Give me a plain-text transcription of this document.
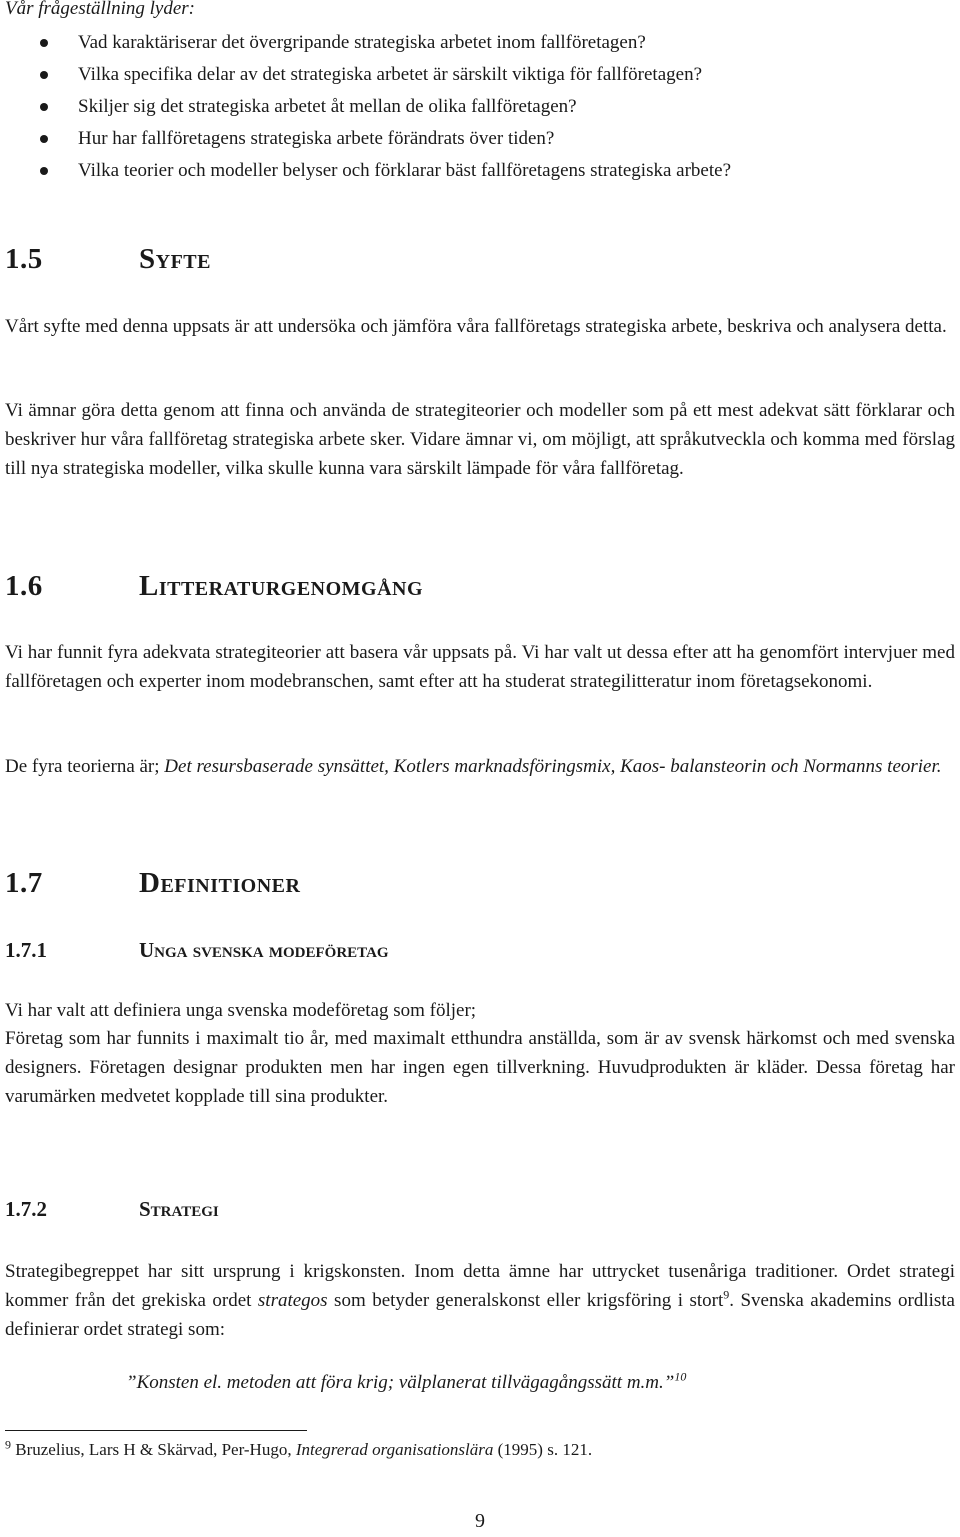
Vår frågeställning lyder:

Vad karaktäriserar det övergripande strategiska arbetet inom fallföretagen?
Vilka specifika delar av det strategiska arbetet är särskilt viktiga för fallföretagen?
Skiljer sig det strategiska arbetet åt mellan de olika fallföretagen?
Hur har fallföretagens strategiska arbete förändrats över tiden?
Vilka teorier och modeller belyser och förklarar bäst fallföretagens strategiska arbete?
1.5	Syfte

Vårt syfte med denna uppsats är att undersöka och jämföra våra fallföretags strategiska arbete, beskriva och analysera detta.

Vi ämnar göra detta genom att finna och använda de strategiteorier och modeller som på ett mest adekvat sätt förklarar och beskriver hur våra fallföretag strategiska arbete sker. Vidare ämnar vi, om möjligt, att språkutveckla och komma med förslag till nya strategiska modeller, vilka skulle kunna vara särskilt lämpade för våra fallföretag.

1.6	Litteraturgenomgång

Vi har funnit fyra adekvata strategiteorier att basera vår uppsats på. Vi har valt ut dessa efter att ha genomfört intervjuer med fallföretagen och experter inom modebranschen, samt efter att ha studerat strategilitteratur inom företagsekonomi.

De fyra teorierna är; Det resursbaserade synsättet, Kotlers marknadsföringsmix, Kaos- balansteorin och Normanns teorier.

1.7	Definitioner
1.7.1	Unga svenska modeföretag

Vi har valt att definiera unga svenska modeföretag som följer;

Företag som har funnits i maximalt tio år, med maximalt etthundra anställda, som är av svensk härkomst och med svenska designers. Företagen designar produkten men har ingen egen tillverkning. Huvudprodukten är kläder. Dessa företag har varumärken medvetet kopplade till sina produkter.

1.7.2	Strategi

Strategibegreppet har sitt ursprung i krigskonsten. Inom detta ämne har uttrycket tusenåriga traditioner. Ordet strategi kommer från det grekiska ordet strategos som betyder generalskonst eller krigsföring i stort$^9$. Svenska akademins ordlista definierar ordet strategi som:

”Konsten el. metoden att föra krig; välplanerat tillvägagångssätt m.m.”$^{10}$

$^9$ Bruzelius, Lars H & Skärvad, Per-Hugo, Integrerad organisationslära (1995) s. 121.

9
